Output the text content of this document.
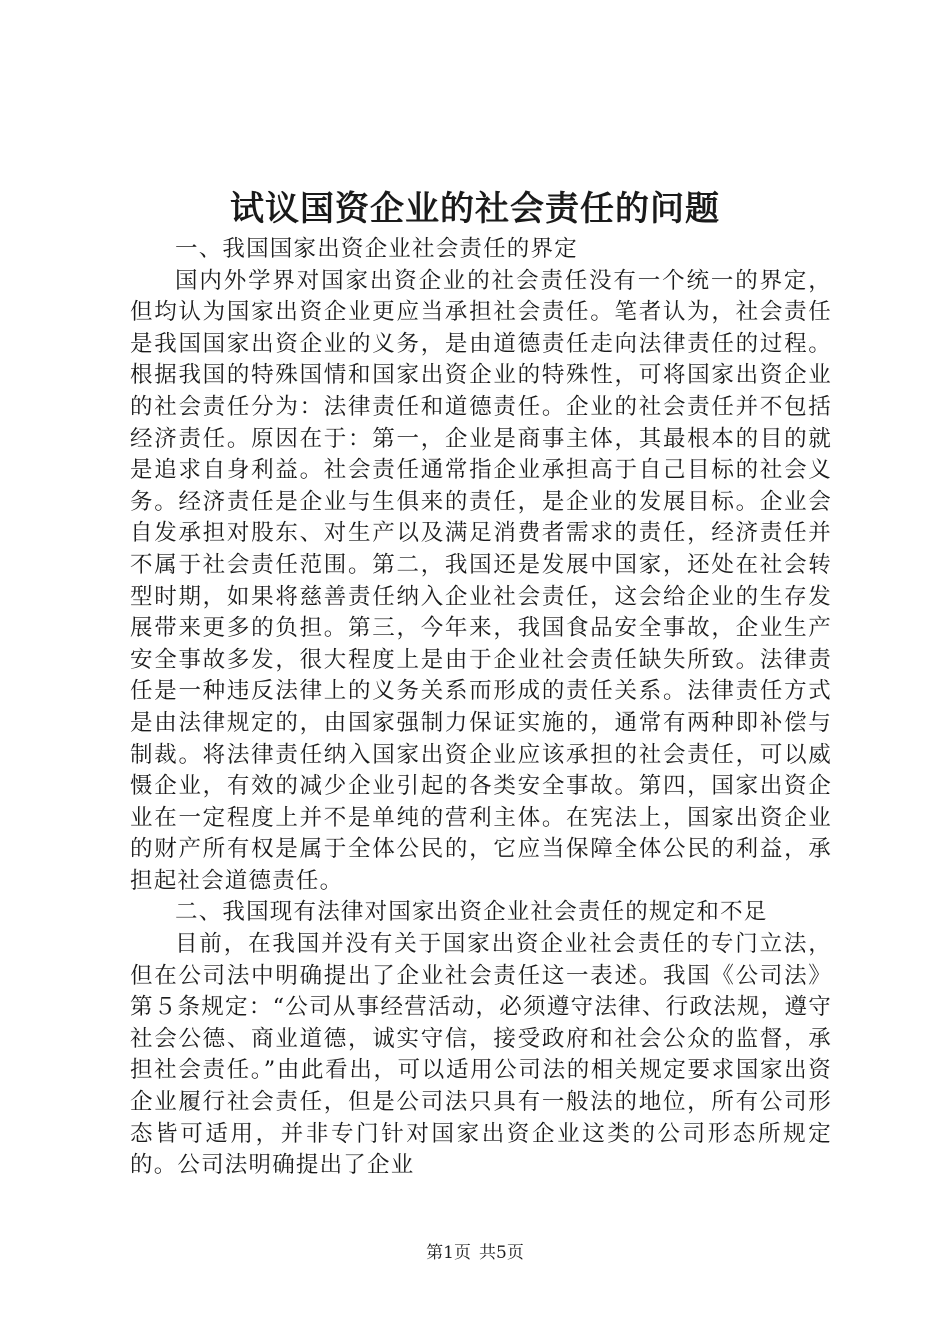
试议国资企业的社会责任的问题

一、我国国家出资企业社会责任的界定

国内外学界对国家出资企业的社会责任没有一个统一的界定，但均认为国家出资企业更应当承担社会责任。笔者认为，社会责任是我国国家出资企业的义务，是由道德责任走向法律责任的过程。根据我国的特殊国情和国家出资企业的特殊性，可将国家出资企业的社会责任分为：法律责任和道德责任。企业的社会责任并不包括经济责任。原因在于：第一，企业是商事主体，其最根本的目的就是追求自身利益。社会责任通常指企业承担高于自己目标的社会义务。经济责任是企业与生俱来的责任，是企业的发展目标。企业会自发承担对股东、对生产以及满足消费者需求的责任，经济责任并不属于社会责任范围。第二，我国还是发展中国家，还处在社会转型时期，如果将慈善责任纳入企业社会责任，这会给企业的生存发展带来更多的负担。第三，今年来，我国食品安全事故，企业生产安全事故多发，很大程度上是由于企业社会责任缺失所致。法律责任是一种违反法律上的义务关系而形成的责任关系。法律责任方式是由法律规定的，由国家强制力保证实施的，通常有两种即补偿与制裁。将法律责任纳入国家出资企业应该承担的社会责任，可以威慑企业，有效的减少企业引起的各类安全事故。第四，国家出资企业在一定程度上并不是单纯的营利主体。在宪法上，国家出资企业的财产所有权是属于全体公民的，它应当保障全体公民的利益，承担起社会道德责任。

二、我国现有法律对国家出资企业社会责任的规定和不足

目前，在我国并没有关于国家出资企业社会责任的专门立法，但在公司法中明确提出了企业社会责任这一表述。我国《公司法》第５条规定：“公司从事经营活动，必须遵守法律、行政法规，遵守社会公德、商业道德，诚实守信，接受政府和社会公众的监督，承担社会责任。”由此看出，可以适用公司法的相关规定要求国家出资企业履行社会责任，但是公司法只具有一般法的地位，所有公司形态皆可适用，并非专门针对国家出资企业这类的公司形态所规定的。公司法明确提出了企业

第1页 共5页
